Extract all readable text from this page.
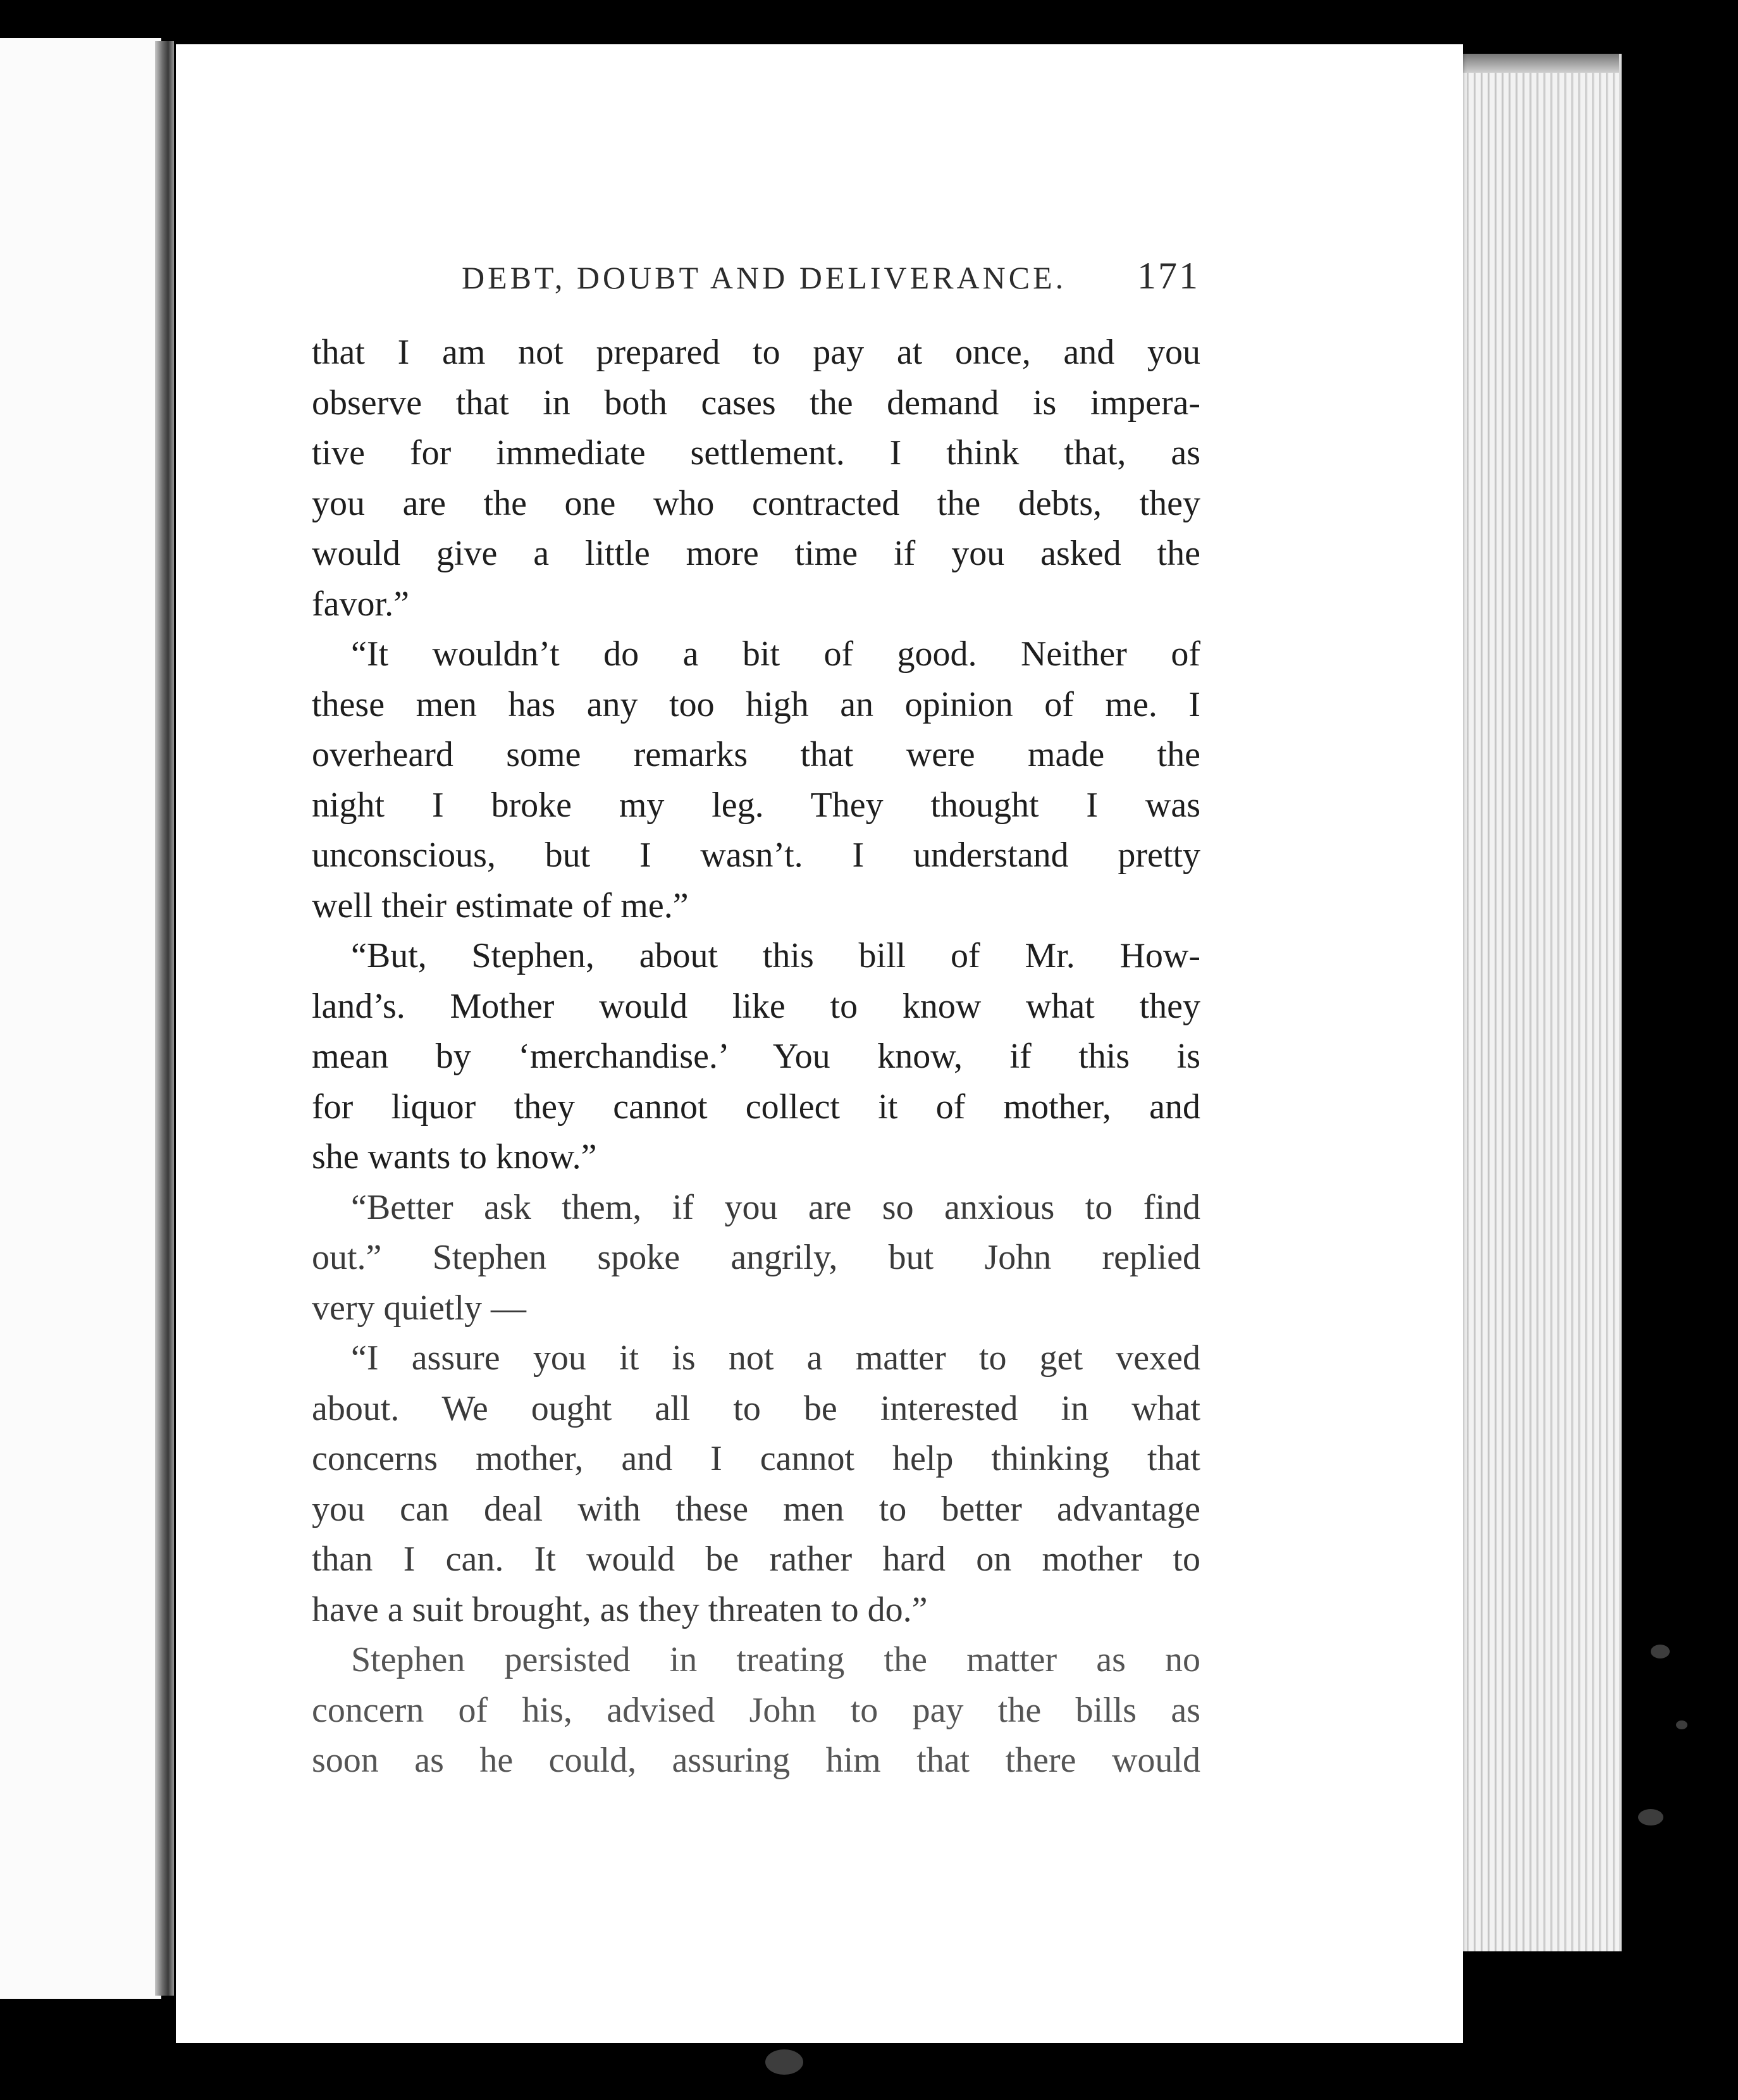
DEBT, DOUBT AND DELIVERANCE. 171
that I am not prepared to pay at once, and you
observe that in both cases the demand is impera-
tive for immediate settlement. I think that, as
you are the one who contracted the debts, they
would give a little more time if you asked the
favor.”
“It wouldn’t do a bit of good. Neither of
these men has any too high an opinion of me. I
overheard some remarks that were made the
night I broke my leg. They thought I was
unconscious, but I wasn’t. I understand pretty
well their estimate of me.”
“But, Stephen, about this bill of Mr. How-
land’s. Mother would like to know what they
mean by ‘merchandise.’ You know, if this is
for liquor they cannot collect it of mother, and
she wants to know.”
“Better ask them, if you are so anxious to find
out.” Stephen spoke angrily, but John replied
very quietly —
“I assure you it is not a matter to get vexed
about. We ought all to be interested in what
concerns mother, and I cannot help thinking that
you can deal with these men to better advantage
than I can. It would be rather hard on mother to
have a suit brought, as they threaten to do.”
Stephen persisted in treating the matter as no
concern of his, advised John to pay the bills as
soon as he could, assuring him that there would
